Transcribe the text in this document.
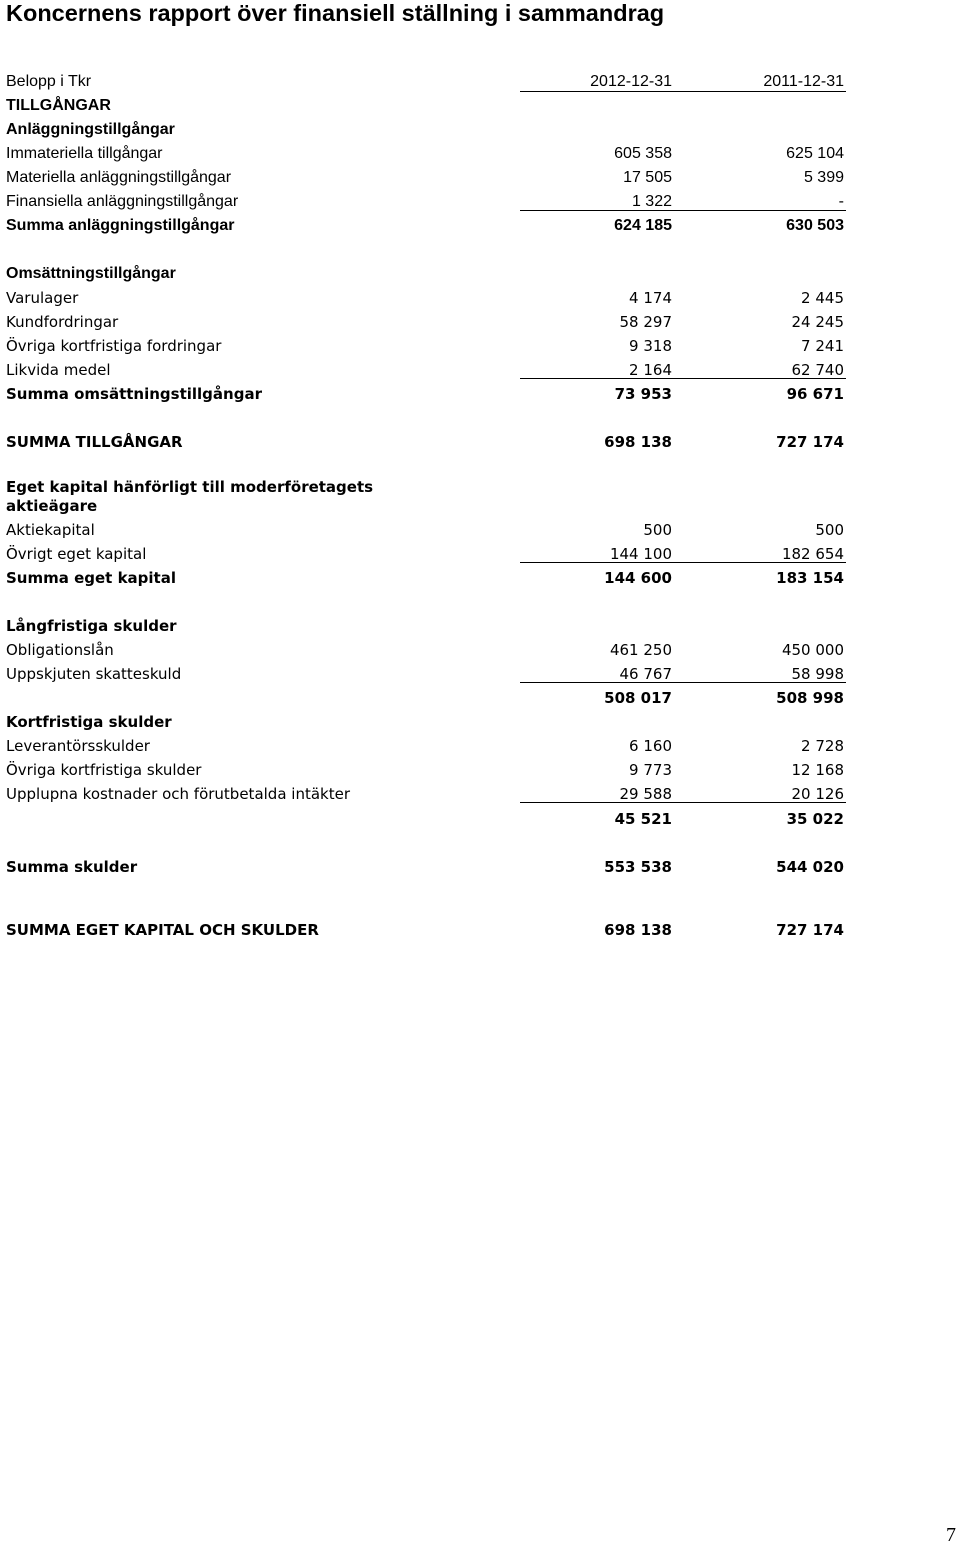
Koncernens rapport över finansiell ställning i sammandrag
Belopp i Tkr	2012-12-31	2011-12-31
TILLGÅNGAR
Anläggningstillgångar
Immateriella tillgångar	605 358	625 104
Materiella anläggningstillgångar	17 505	5 399
Finansiella anläggningstillgångar	1 322	-
Summa anläggningstillgångar	624 185	630 503
Omsättningstillgångar
Varulager	4 174	2 445
Kundfordringar	58 297	24 245
Övriga kortfristiga fordringar	9 318	7 241
Likvida medel	2 164	62 740
Summa omsättningstillgångar	73 953	96 671
SUMMA TILLGÅNGAR	698 138	727 174
Eget kapital hänförligt till moderföretagets
aktieägare
Aktiekapital	500	500
Övrigt eget kapital	144 100	182 654
Summa eget kapital	144 600	183 154
Långfristiga skulder
Obligationslån	461 250	450 000
Uppskjuten skatteskuld	46 767	58 998
508 017	508 998
Kortfristiga skulder
Leverantörsskulder	6 160	2 728
Övriga kortfristiga skulder	9 773	12 168
Upplupna kostnader och förutbetalda intäkter	29 588	20 126
45 521	35 022
Summa skulder	553 538	544 020
SUMMA EGET KAPITAL OCH SKULDER	698 138	727 174
7
